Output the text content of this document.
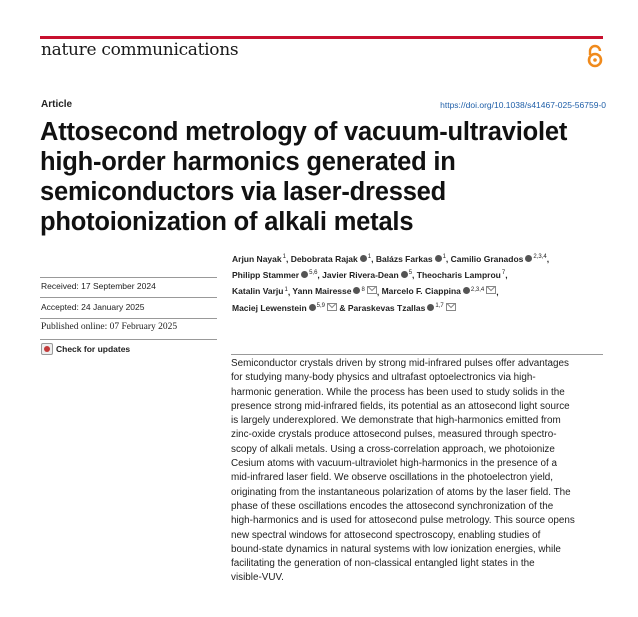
nature communications
Article	https://doi.org/10.1038/s41467-025-56759-0
Attosecond metrology of vacuum-ultraviolet high-order harmonics generated in semiconductors via laser-dressed photoionization of alkali metals
Received: 17 September 2024
Accepted: 24 January 2025
Published online: 07 February 2025
Check for updates
Arjun Nayak$^1$, Debobrata Rajak $^1$, Balázs Farkas $^1$, Camilio Granados $^{2,3,4}$,
Philipp Stammer $^{5,6}$, Javier Rivera-Dean $^5$, Theocharis Lamprou$^7$,
Katalin Varju$^1$, Yann Mairesse $^8$ , Marcelo F. Ciappina $^{2,3,4}$ ,
Maciej Lewenstein $^{5,9}$ & Paraskevas Tzallas $^{1,7}$

Semiconductor crystals driven by strong mid-infrared pulses offer advantages
for studying many-body physics and ultrafast optoelectronics via high-
harmonic generation. While the process has been used to study solids in the
presence strong mid-infrared fields, its potential as an attosecond light source
is largely underexplored. We demonstrate that high-harmonics emitted from
zinc-oxide crystals produce attosecond pulses, measured through spectro-
scopy of alkali metals. Using a cross-correlation approach, we photoionize
Cesium atoms with vacuum-ultraviolet high-harmonics in the presence of a
mid-infrared laser field. We observe oscillations in the photoelectron yield,
originating from the instantaneous polarization of atoms by the laser field. The
phase of these oscillations encodes the attosecond synchronization of the
high-harmonics and is used for attosecond pulse metrology. This source opens
new spectral windows for attosecond spectroscopy, enabling studies of
bound-state dynamics in natural systems with low ionization energies, while
facilitating the generation of non-classical entangled light states in the
visible-VUV.
